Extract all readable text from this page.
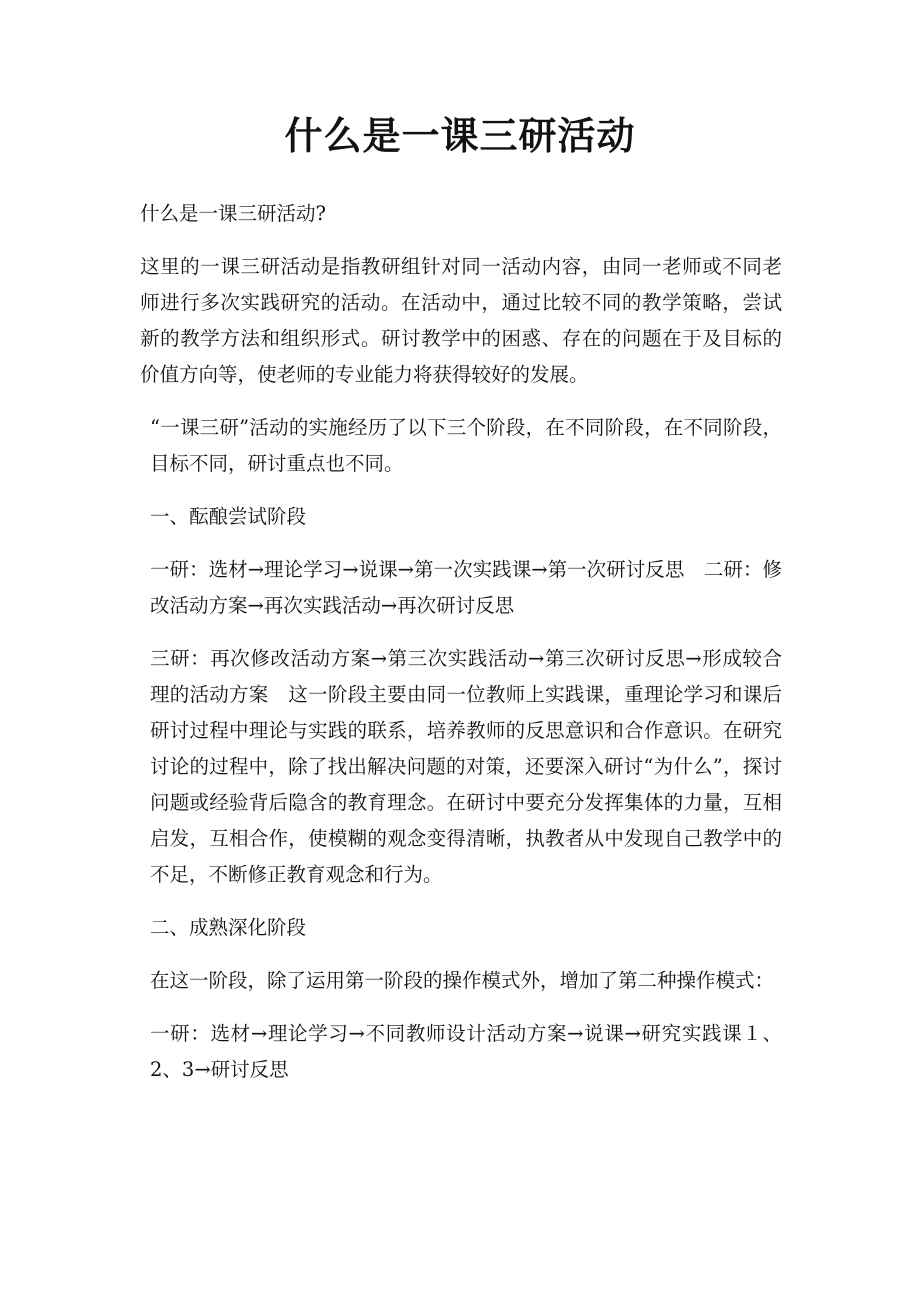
什么是一课三研活动

什么是一课三研活动?

这里的一课三研活动是指教研组针对同一活动内容，由同一老师或不同老师进行多次实践研究的活动。在活动中，通过比较不同的教学策略，尝试新的教学方法和组织形式。研讨教学中的困惑、存在的问题在于及目标的价值方向等，使老师的专业能力将获得较好的发展。

“一课三研”活动的实施经历了以下三个阶段，在不同阶段，在不同阶段，目标不同，研讨重点也不同。

一、酝酿尝试阶段

一研：选材→理论学习→说课→第一次实践课→第一次研讨反思　二研：修改活动方案→再次实践活动→再次研讨反思

三研：再次修改活动方案→第三次实践活动→第三次研讨反思→形成较合理的活动方案　这一阶段主要由同一位教师上实践课，重理论学习和课后研讨过程中理论与实践的联系，培养教师的反思意识和合作意识。在研究讨论的过程中，除了找出解决问题的对策，还要深入研讨“为什么”，探讨问题或经验背后隐含的教育理念。在研讨中要充分发挥集体的力量，互相启发，互相合作，使模糊的观念变得清晰，执教者从中发现自己教学中的不足，不断修正教育观念和行为。

二、成熟深化阶段

在这一阶段，除了运用第一阶段的操作模式外，增加了第二种操作模式：

一研：选材→理论学习→不同教师设计活动方案→说课→研究实践课１、2、3→研讨反思
